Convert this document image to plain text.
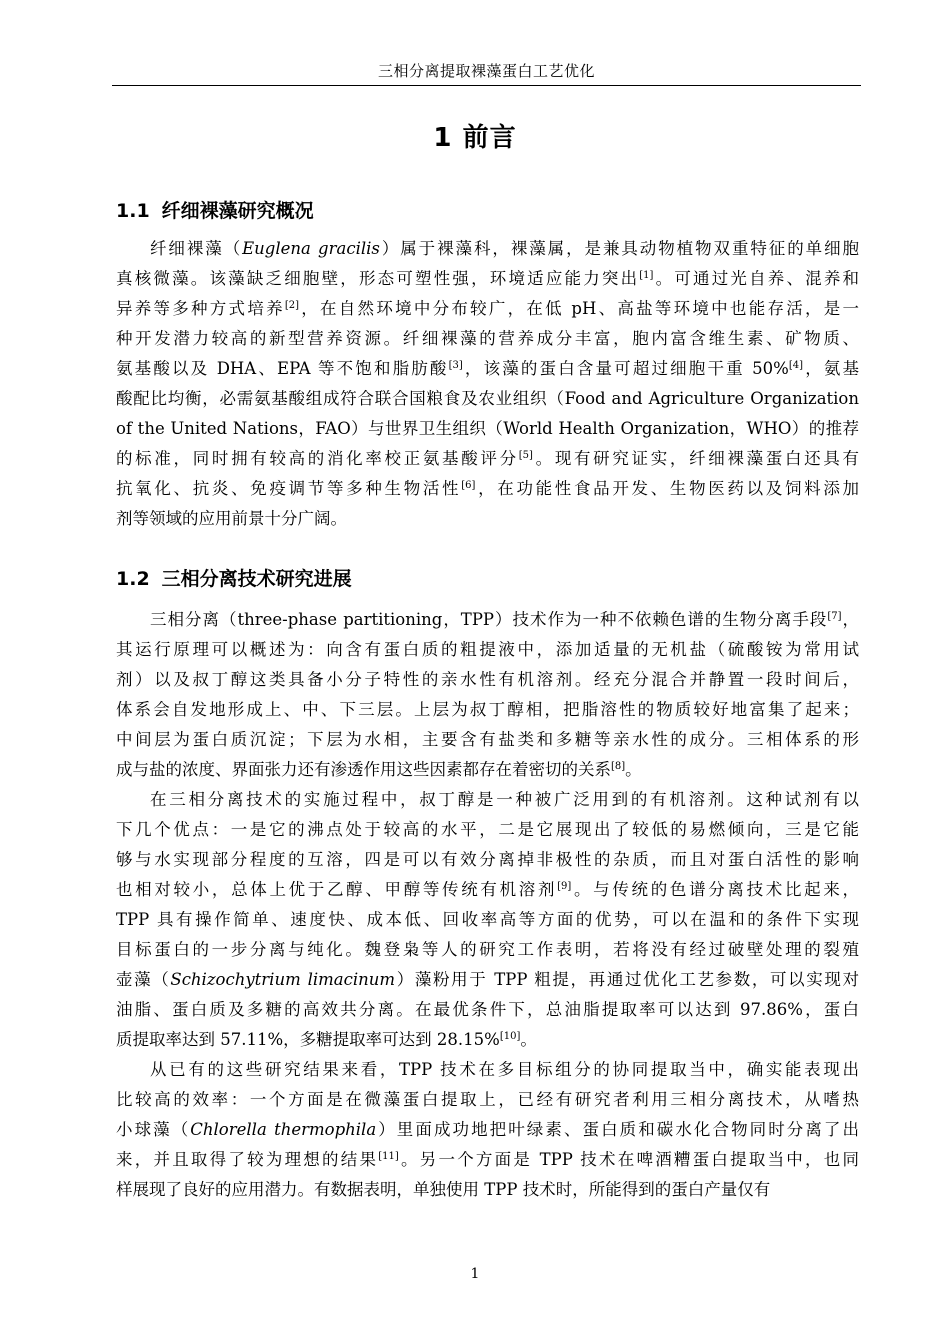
三相分离提取裸藻蛋白工艺优化
1 前言
1.1 纤细裸藻研究概况
纤细裸藻（Euglena gracilis）属于裸藻科，裸藻属，是兼具动物植物双重特征的单细胞
真核微藻。该藻缺乏细胞壁，形态可塑性强，环境适应能力突出[1]。可通过光自养、混养和
异养等多种方式培养[2]，在自然环境中分布较广，在低 pH、高盐等环境中也能存活，是一
种开发潜力较高的新型营养资源。纤细裸藻的营养成分丰富，胞内富含维生素、矿物质、
氨基酸以及 DHA、EPA 等不饱和脂肪酸[3]，该藻的蛋白含量可超过细胞干重 50%[4]，氨基
酸配比均衡，必需氨基酸组成符合联合国粮食及农业组织（Food and Agriculture Organization
of the United Nations，FAO）与世界卫生组织（World Health Organization，WHO）的推荐
的标准，同时拥有较高的消化率校正氨基酸评分[5]。现有研究证实，纤细裸藻蛋白还具有
抗氧化、抗炎、免疫调节等多种生物活性[6]，在功能性食品开发、生物医药以及饲料添加
剂等领域的应用前景十分广阔。
1.2 三相分离技术研究进展
三相分离（three-phase partitioning，TPP）技术作为一种不依赖色谱的生物分离手段[7]，
其运行原理可以概述为：向含有蛋白质的粗提液中，添加适量的无机盐（硫酸铵为常用试
剂）以及叔丁醇这类具备小分子特性的亲水性有机溶剂。经充分混合并静置一段时间后，
体系会自发地形成上、中、下三层。上层为叔丁醇相，把脂溶性的物质较好地富集了起来；
中间层为蛋白质沉淀；下层为水相，主要含有盐类和多糖等亲水性的成分。三相体系的形
成与盐的浓度、界面张力还有渗透作用这些因素都存在着密切的关系[8]。
在三相分离技术的实施过程中，叔丁醇是一种被广泛用到的有机溶剂。这种试剂有以
下几个优点：一是它的沸点处于较高的水平，二是它展现出了较低的易燃倾向，三是它能
够与水实现部分程度的互溶，四是可以有效分离掉非极性的杂质，而且对蛋白活性的影响
也相对较小，总体上优于乙醇、甲醇等传统有机溶剂[9]。与传统的色谱分离技术比起来，
TPP 具有操作简单、速度快、成本低、回收率高等方面的优势，可以在温和的条件下实现
目标蛋白的一步分离与纯化。魏登枭等人的研究工作表明，若将没有经过破壁处理的裂殖
壶藻（Schizochytrium limacinum）藻粉用于 TPP 粗提，再通过优化工艺参数，可以实现对
油脂、蛋白质及多糖的高效共分离。在最优条件下，总油脂提取率可以达到 97.86%，蛋白
质提取率达到 57.11%，多糖提取率可达到 28.15%[10]。
从已有的这些研究结果来看，TPP 技术在多目标组分的协同提取当中，确实能表现出
比较高的效率：一个方面是在微藻蛋白提取上，已经有研究者利用三相分离技术，从嗜热
小球藻（Chlorella thermophila）里面成功地把叶绿素、蛋白质和碳水化合物同时分离了出
来，并且取得了较为理想的结果[11]。另一个方面是 TPP 技术在啤酒糟蛋白提取当中，也同
样展现了良好的应用潜力。有数据表明，单独使用 TPP 技术时，所能得到的蛋白产量仅有
1
